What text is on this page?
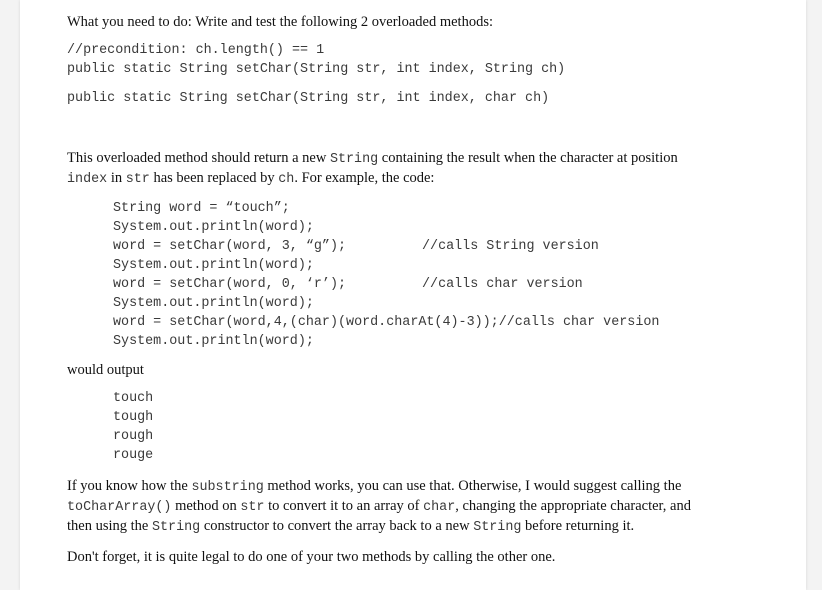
What you need to do: Write and test the following 2 overloaded methods:
//precondition: ch.length() == 1
public static String setChar(String str, int index, String ch)
public static String setChar(String str, int index, char ch)
This overloaded method should return a new String containing the result when the character at position
index in str has been replaced by ch. For example, the code:
String word = “touch”;
System.out.println(word);
word = setChar(word, 3, “g”);	//calls String version
System.out.println(word);
word = setChar(word, 0, ‘r’);	//calls char version
System.out.println(word);
word = setChar(word,4,(char)(word.charAt(4)-3));//calls char version
System.out.println(word);
would output
touch
tough
rough
rouge
If you know how the substring method works, you can use that. Otherwise, I would suggest calling the
toCharArray() method on str to convert it to an array of char, changing the appropriate character, and
then using the String constructor to convert the array back to a new String before returning it.
Don't forget, it is quite legal to do one of your two methods by calling the other one.
